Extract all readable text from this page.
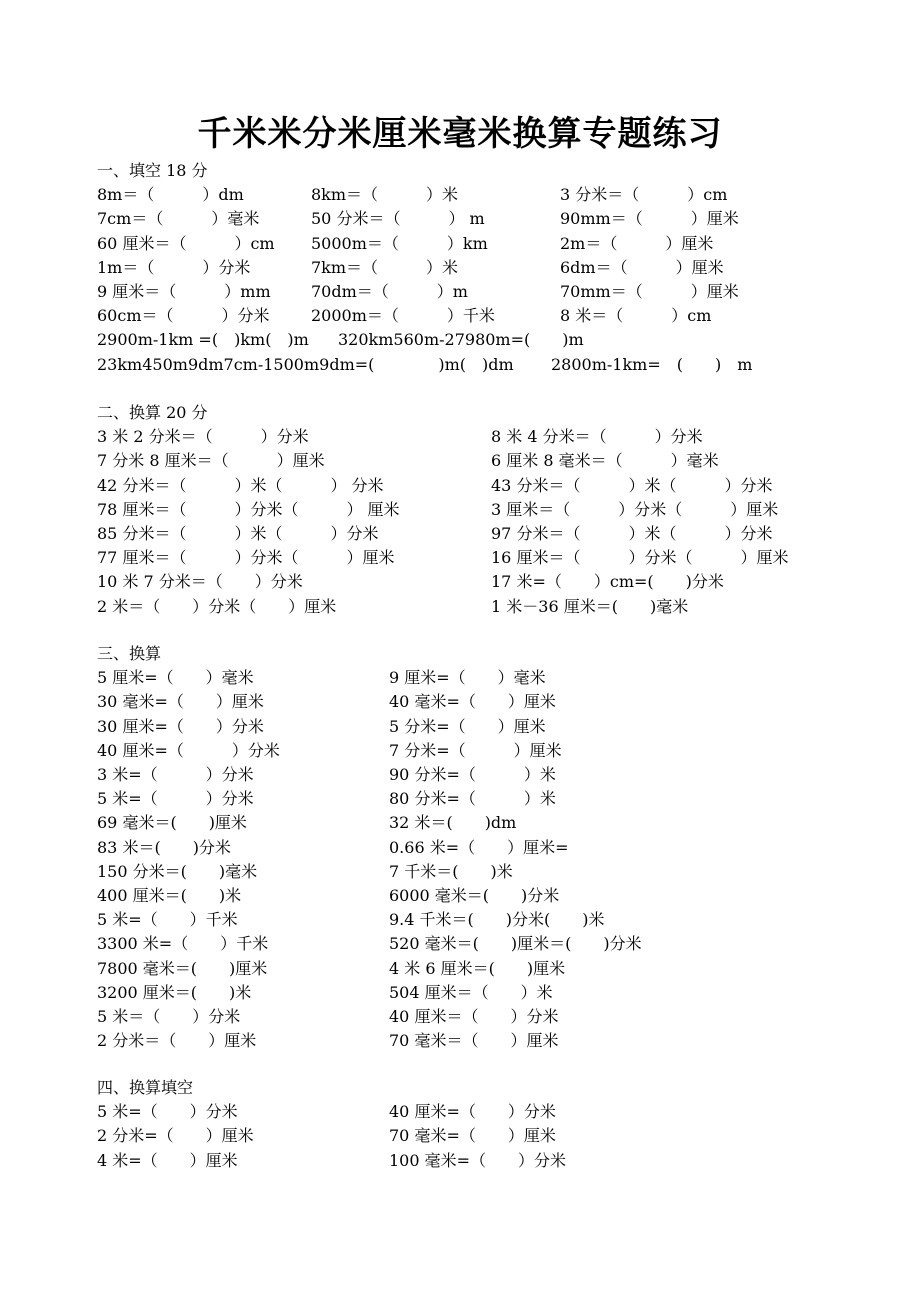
千米米分米厘米毫米换算专题练习
一、填空 18 分
8m＝（　　　）dm	8km＝（　　　）米	3 分米＝（　　　）cm
7cm＝（　　　）毫米	50 分米＝（　　　） m	90mm＝（　　　）厘米
60 厘米＝（　　　）cm 5000m＝（　　　）km	2m＝（　　　）厘米
1m＝（　　　）分米	7km＝（　　　）米	6dm＝（　　　）厘米
9 厘米＝（　　　）mm	70dm＝（　　　）m	70mm＝（　　　）厘米
60cm＝（　　　）分米	2000m＝（　　　）千米	8 米＝（　　　）cm
2900m-1km =(　)km(　)m 320km560m-27980m=(　　)m
23km450m9dm7cm-1500m9dm=(　　　　)m(　)dm 2800m-1km=　(　　)　m
二、换算 20 分
3 米 2 分米＝（　　　）分米	8 米 4 分米＝（　　　）分米
7 分米 8 厘米＝（　　　）厘米	6 厘米 8 毫米＝（　　　）毫米
42 分米＝（　　　）米（　　　） 分米	43 分米＝（　　　）米（　　　）分米
78 厘米＝（　　　）分米（　　　） 厘米	3 厘米＝（　　　）分米（　　　）厘米
85 分米＝（　　　）米（　　　）分米	97 分米＝（　　　）米（　　　）分米
77 厘米＝（　　　）分米（　　　）厘米	16 厘米＝（　　　）分米（　　　）厘米
10 米 7 分米＝（　　）分米	17 米=（　　）cm=(　　)分米
2 米＝（　　）分米（　　）厘米	1 米－36 厘米＝(　　)毫米
三、换算
5 厘米=（　　）毫米	9 厘米=（　　）毫米
30 毫米=（　　）厘米	40 毫米=（　　）厘米
30 厘米=（　　）分米	5 分米=（　　）厘米
40 厘米=（　　　）分米	7 分米=（　　　）厘米
3 米=（　　　）分米	90 分米=（　　　）米
5 米=（　　　）分米	80 分米=（　　　）米
69 毫米＝(　　)厘米	32 米＝(　　)dm
83 米＝(　　)分米	0.66 米=（　　）厘米=
150 分米＝(　　)毫米	7 千米＝(　　)米
400 厘米＝(　　)米	6000 毫米＝(　　)分米
5 米=（　　）千米	9.4 千米＝(　　)分米(　　)米
3300 米=（　　）千米	520 毫米＝(　　)厘米＝(　　)分米
7800 毫米＝(　　)厘米	4 米 6 厘米＝(　　)厘米
3200 厘米＝(　　)米	504 厘米＝（　　）米
5 米＝（　　）分米	40 厘米＝（　　）分米
2 分米＝（　　）厘米	70 毫米＝（　　）厘米
四、换算填空
5 米=（　　）分米	40 厘米=（　　）分米
2 分米=（　　）厘米	70 毫米=（　　）厘米
4 米=（　　）厘米	100 毫米=（　　）分米
